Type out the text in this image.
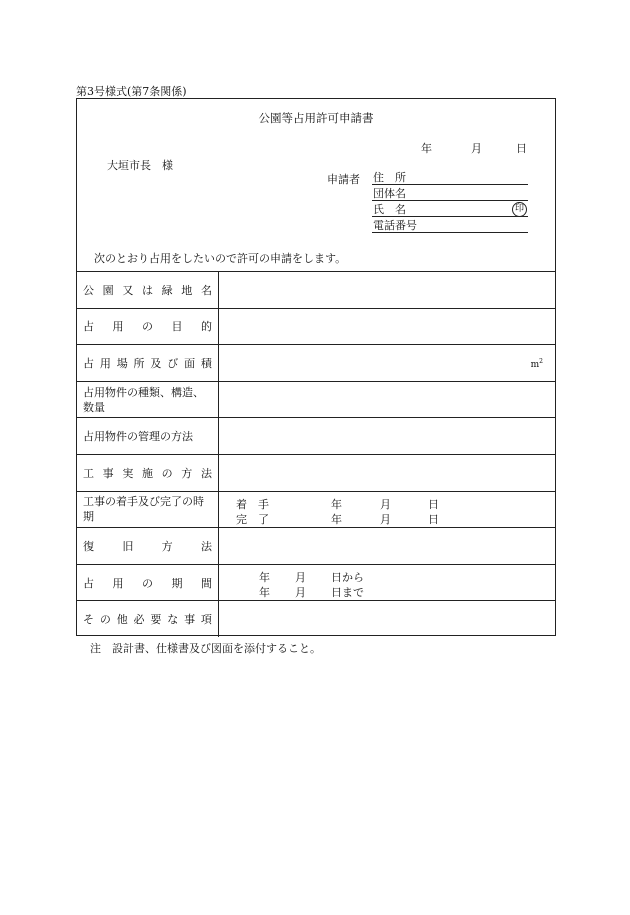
第3号様式(第7条関係)
公園等占用許可申請書
年	月	日
大垣市長　様
申請者 住　所
団体名
氏　名	印
電話番号
次のとおり占用をしたいので許可の申請をします。
公 園 又 は 緑 地 名
占 用 の 目 的
占 用 場 所 及 び 面 積	$m^2$
占用物件の種類、構造、数量
占用物件の管理の方法
工 事 実 施 の 方 法
工事の着手及び完了の時期
着　手	年	月	日
完　了	年	月	日
復	旧	方	法
占 用 の 期 間	年 月 日から
年 月 日まで
そ の 他 必 要 な 事 項
注　設計書、仕様書及び図面を添付すること。
